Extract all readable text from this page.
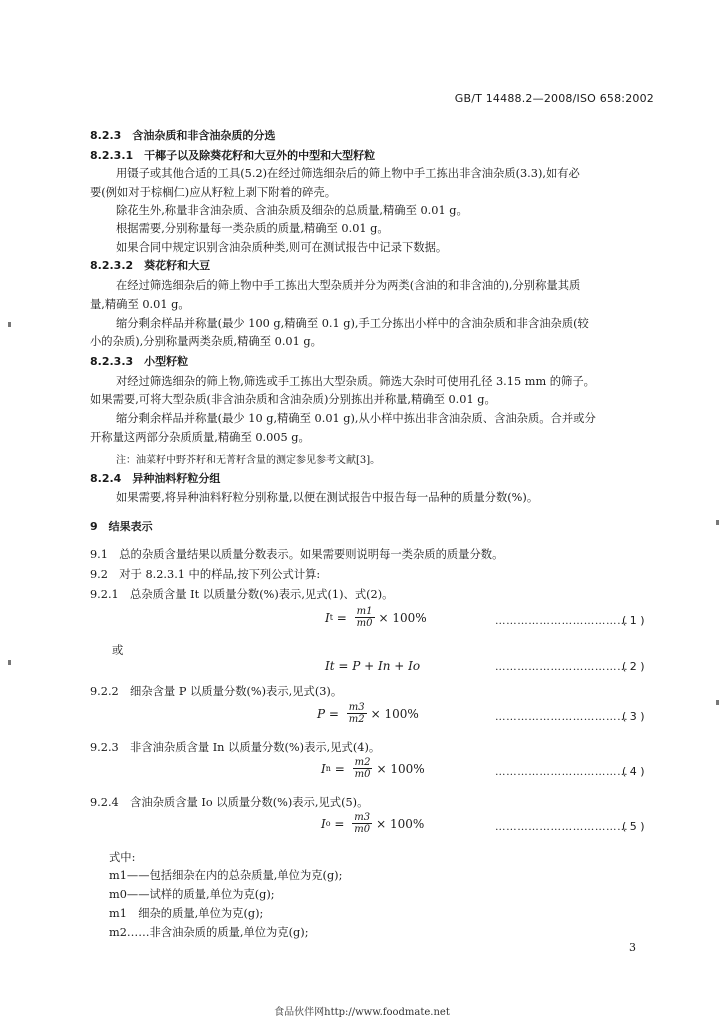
GB/T 14488.2—2008/ISO 658:2002
8.2.3　含油杂质和非含油杂质的分选
8.2.3.1　干椰子以及除葵花籽和大豆外的中型和大型籽粒
用镊子或其他合适的工具(5.2)在经过筛选细杂后的筛上物中手工拣出非含油杂质(3.3),如有必
要(例如对于棕榈仁)应从籽粒上剥下附着的碎壳。
除花生外,称量非含油杂质、含油杂质及细杂的总质量,精确至 0.01 g。
根据需要,分别称量每一类杂质的质量,精确至 0.01 g。
如果合同中规定识别含油杂质种类,则可在测试报告中记录下数据。
8.2.3.2　葵花籽和大豆
在经过筛选细杂后的筛上物中手工拣出大型杂质并分为两类(含油的和非含油的),分别称量其质
量,精确至 0.01 g。
缩分剩余样品并称量(最少 100 g,精确至 0.1 g),手工分拣出小样中的含油杂质和非含油杂质(较
小的杂质),分别称量两类杂质,精确至 0.01 g。
8.2.3.3　小型籽粒
对经过筛选细杂的筛上物,筛选或手工拣出大型杂质。筛选大杂时可使用孔径 3.15 mm 的筛子。
如果需要,可将大型杂质(非含油杂质和含油杂质)分别拣出并称量,精确至 0.01 g。
缩分剩余样品并称量(最少 10 g,精确至 0.01 g),从小样中拣出非含油杂质、含油杂质。合并或分
开称量这两部分杂质质量,精确至 0.005 g。
注：油菜籽中野芥籽和无菁籽含量的测定参见参考文献[3]。
8.2.4　异种油料籽粒分组
如果需要,将异种油料籽粒分别称量,以便在测试报告中报告每一品种的质量分数(%)。
9　结果表示
9.1　总的杂质含量结果以质量分数表示。如果需要则说明每一类杂质的质量分数。
9.2　对于 8.2.3.1 中的样品,按下列公式计算:
9.2.1　总杂质含量 It 以质量分数(%)表示,见式(1)、式(2)。
I $t = \frac{m1}{m0} \times 100\%$	………………………………
( 1 )
或
It = P + In + Io	………………………………
( 2 )
9.2.2　细杂含量 P 以质量分数(%)表示,见式(3)。
$P = \frac{m3}{m2} \times 100\%$	………………………………
( 3 )
9.2.3　非含油杂质含量 In 以质量分数(%)表示,见式(4)。
I $n = \frac{m2}{m0} \times 100\%$	………………………………
( 4 )
9.2.4　含油杂质含量 Io 以质量分数(%)表示,见式(5)。
I $o = \frac{m3}{m0} \times 100\%$	………………………………
( 5 )
式中:
m1——包括细杂在内的总杂质量,单位为克(g);
m0——试样的质量,单位为克(g);
m1　细杂的质量,单位为克(g);
m2……非含油杂质的质量,单位为克(g);
3
食品伙伴网http://www.foodmate.net
